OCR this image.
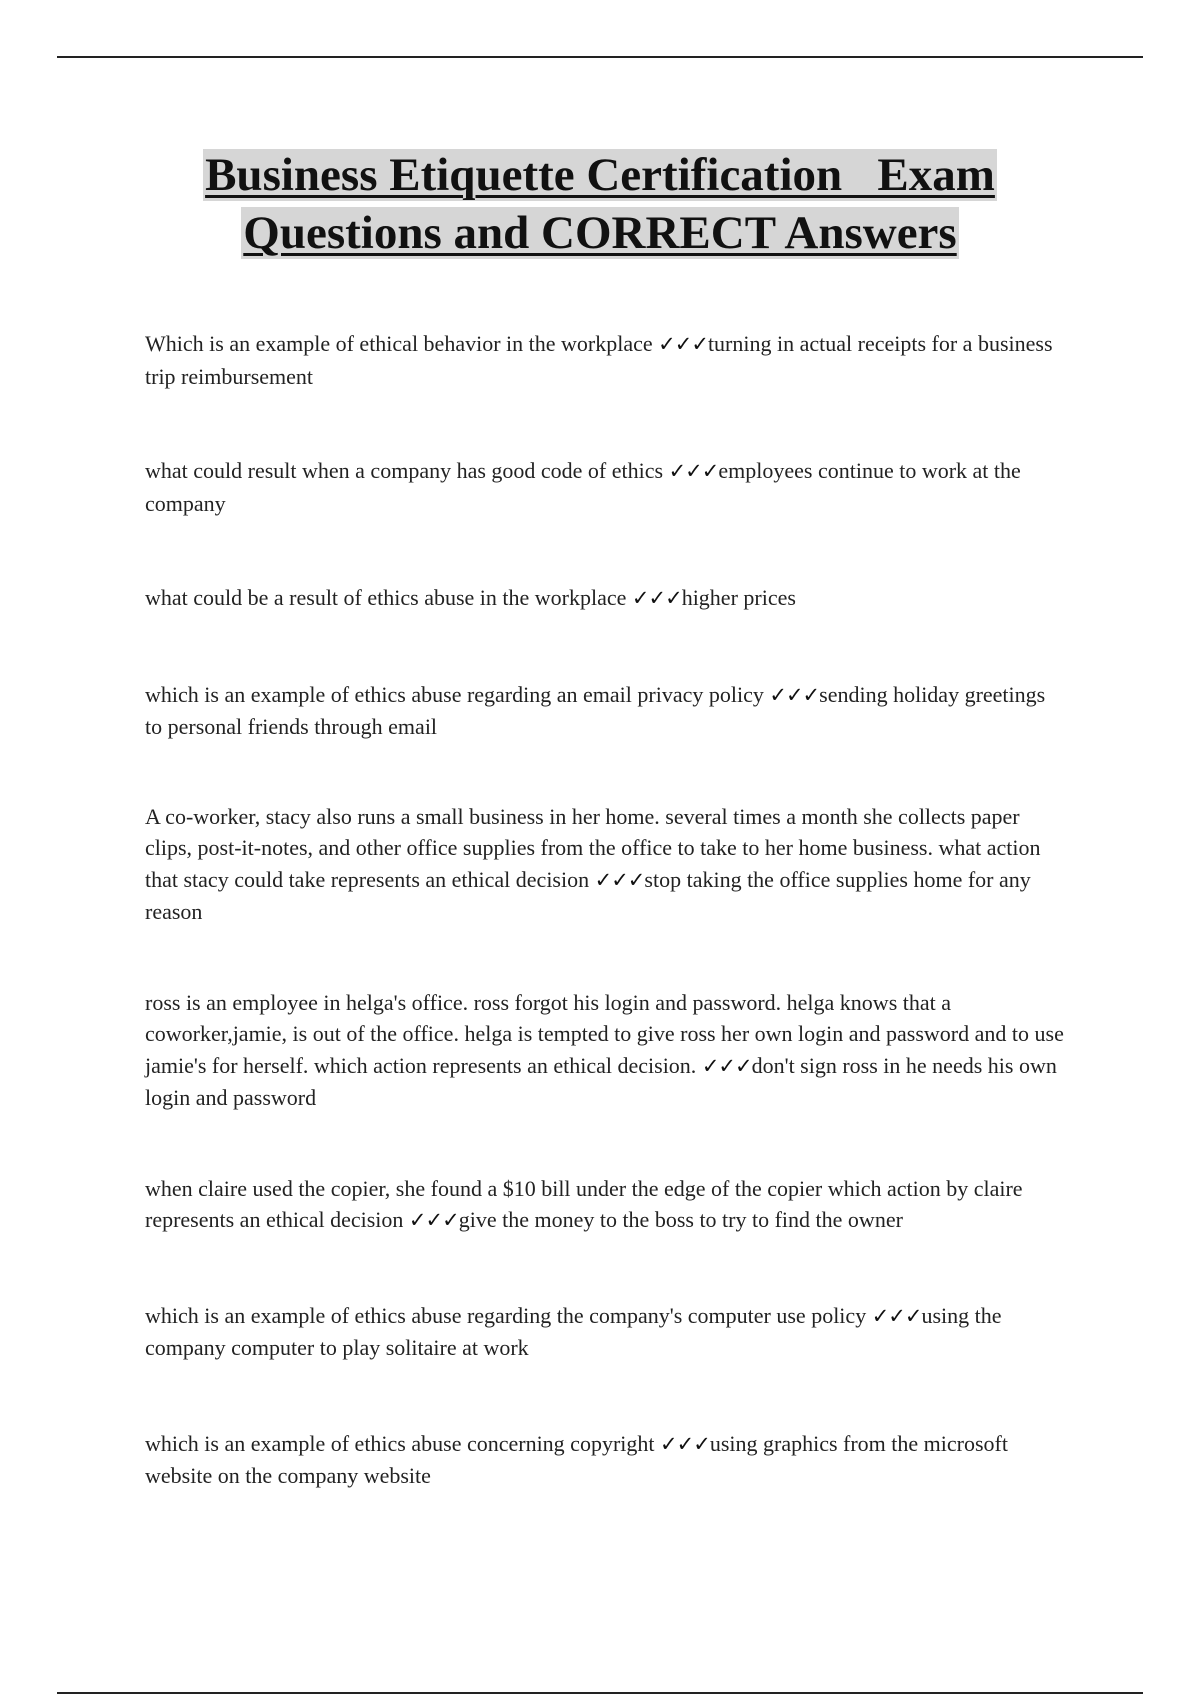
Business Etiquette Certification   Exam
Questions and CORRECT Answers

Which is an example of ethical behavior in the workplace ✓✓✓turning in actual receipts for a business trip reimbursement

what could result when a company has good code of ethics ✓✓✓employees continue to work at the company

what could be a result of ethics abuse in the workplace ✓✓✓higher prices

which is an example of ethics abuse regarding an email privacy policy ✓✓✓sending holiday greetings to personal friends through email

A co-worker, stacy also runs a small business in her home. several times a month she collects paper clips, post-it-notes, and other office supplies from the office to take to her home business. what action that stacy could take represents an ethical decision ✓✓✓stop taking the office supplies home for any reason

ross is an employee in helga's office. ross forgot his login and password. helga knows that a coworker,jamie, is out of the office. helga is tempted to give ross her own login and password and to use jamie's for herself. which action represents an ethical decision. ✓✓✓don't sign ross in he needs his own login and password

when claire used the copier, she found a $10 bill under the edge of the copier which action by claire represents an ethical decision ✓✓✓give the money to the boss to try to find the owner

which is an example of ethics abuse regarding the company's computer use policy ✓✓✓using the company computer to play solitaire at work

which is an example of ethics abuse concerning copyright ✓✓✓using graphics from the microsoft website on the company website
